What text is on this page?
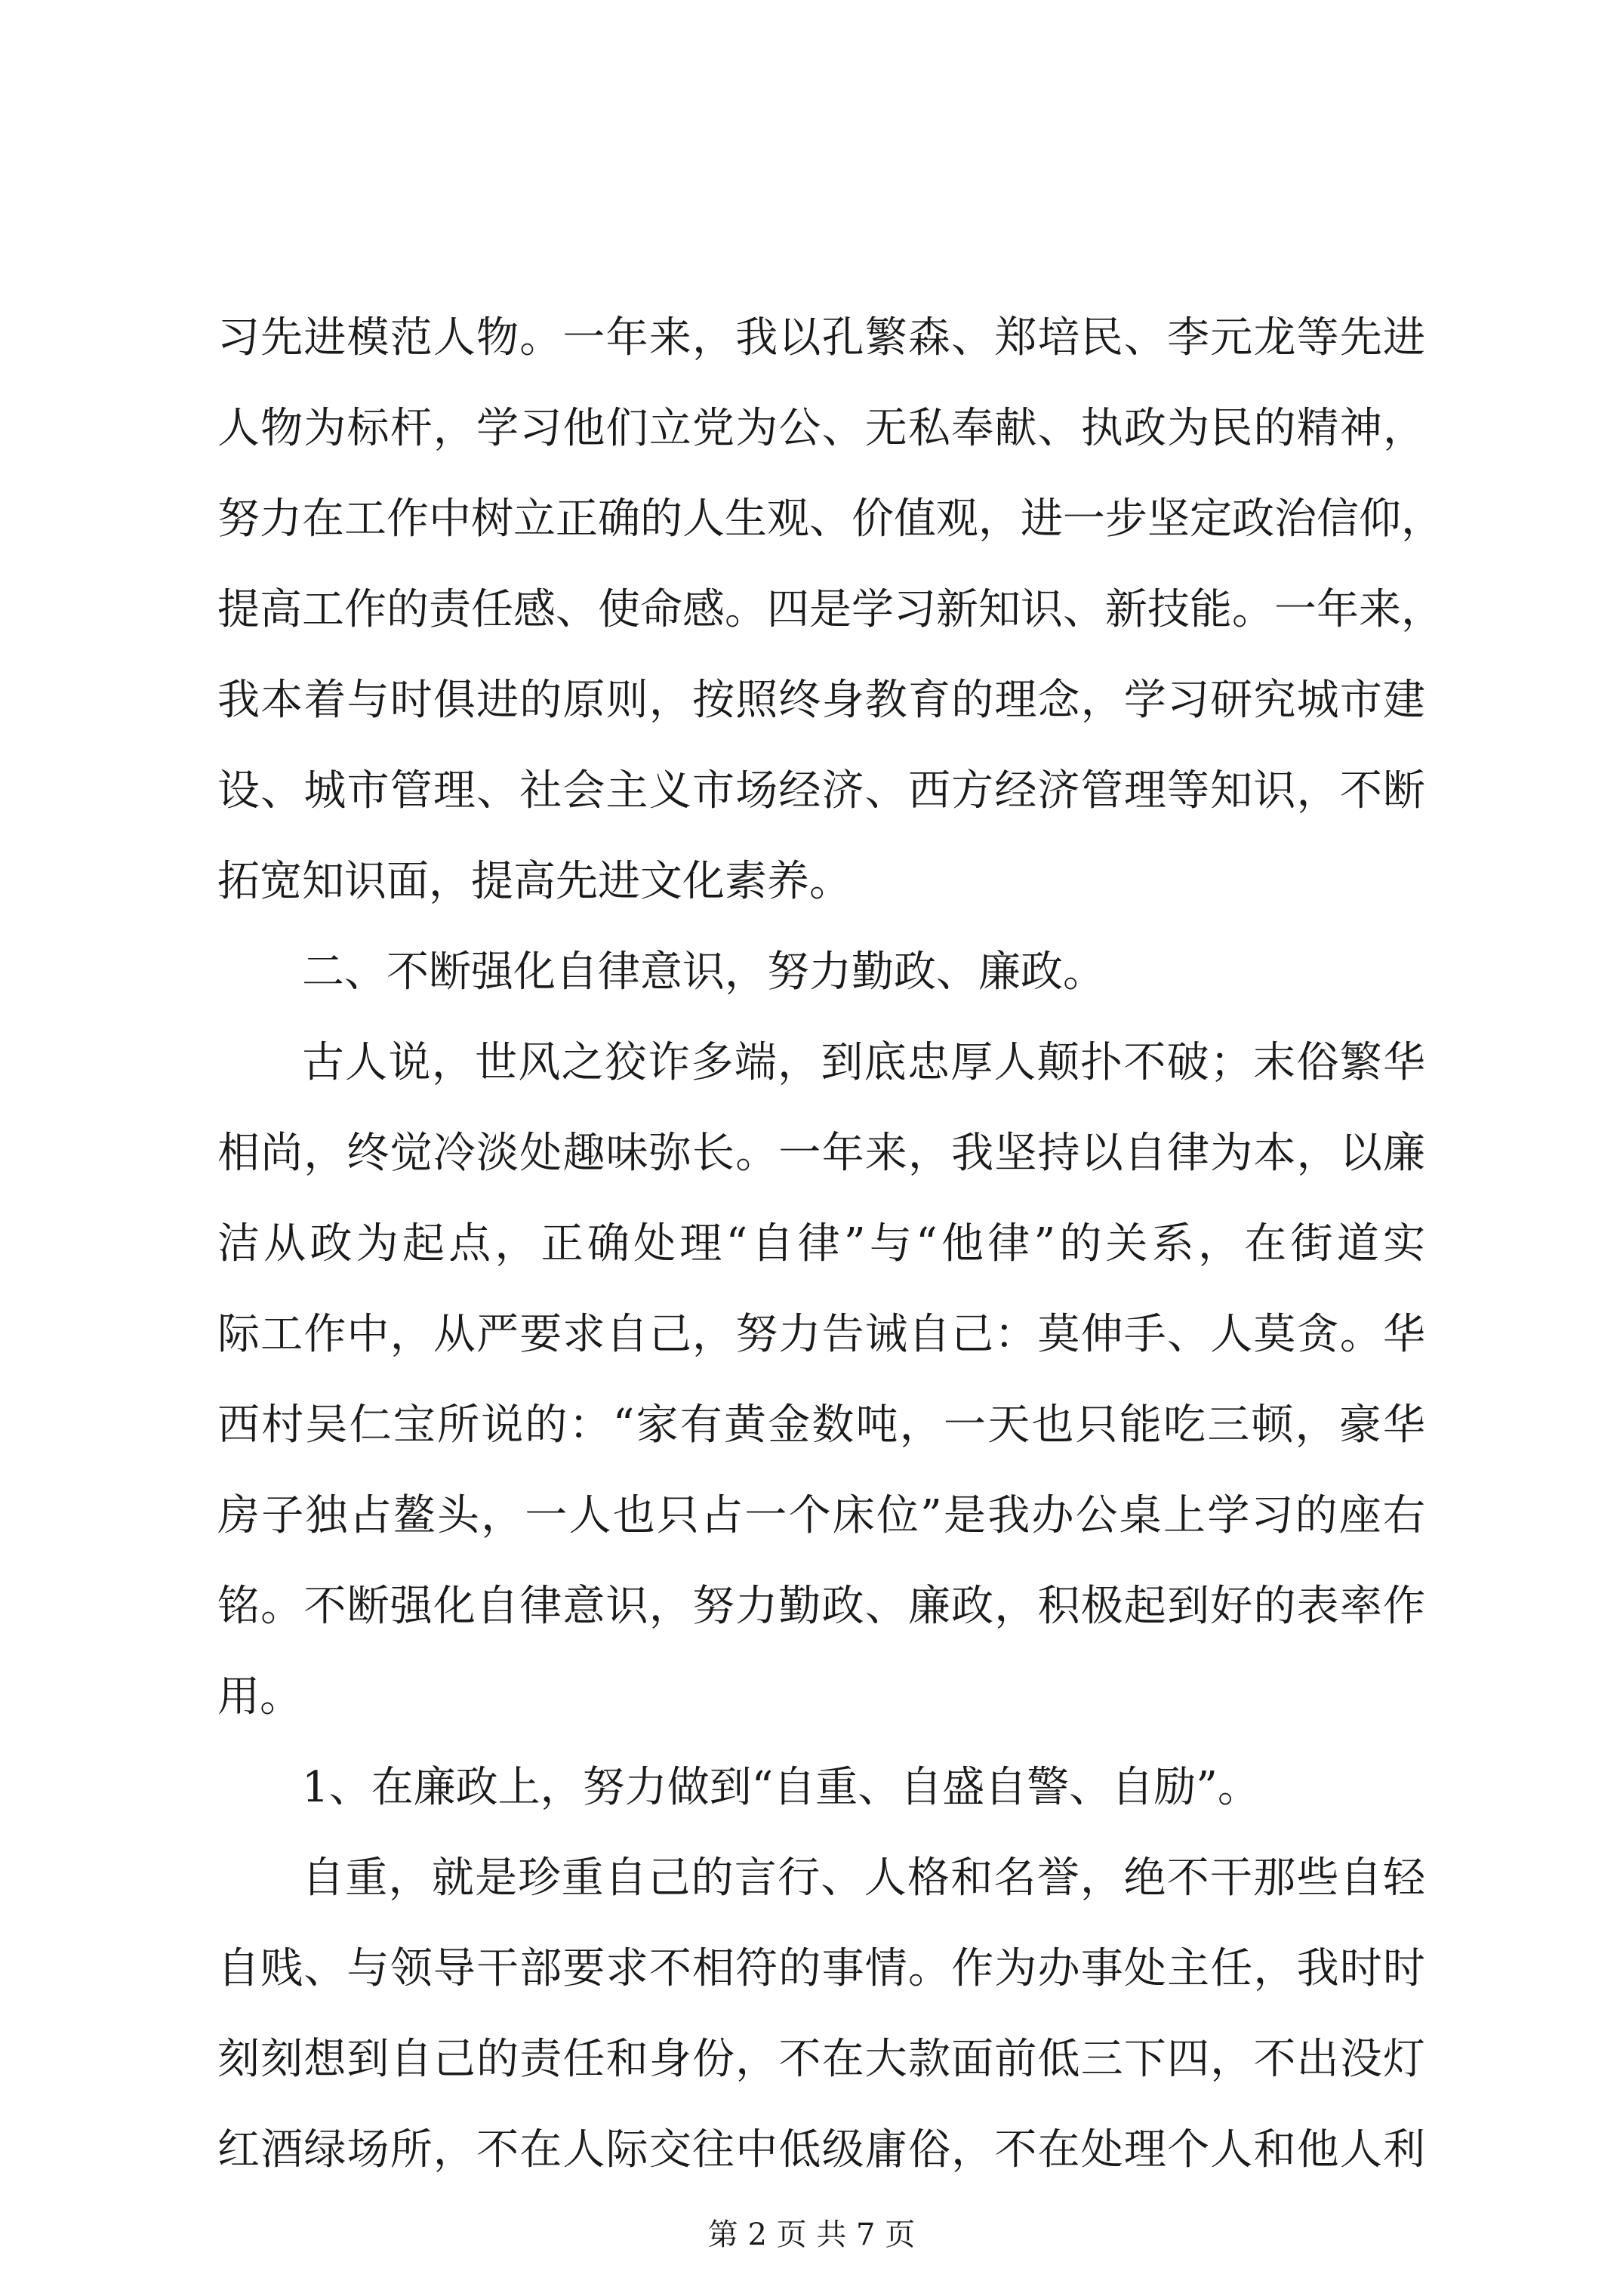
习先进模范人物。一年来，我以孔繁森、郑培民、李元龙等先进
人物为标杆，学习他们立党为公、无私奉献、执政为民的精神，
努力在工作中树立正确的人生观、价值观，进一步坚定政治信仰，
提高工作的责任感、使命感。四是学习新知识、新技能。一年来，
我本着与时俱进的原则，按照终身教育的理念，学习研究城市建
设、城市管理、社会主义市场经济、西方经济管理等知识，不断
拓宽知识面，提高先进文化素养。
二、不断强化自律意识，努力勤政、廉政。
古人说，世风之狡诈多端，到底忠厚人颠扑不破；末俗繁华
相尚，终觉冷淡处趣味弥长。一年来，我坚持以自律为本，以廉
洁从政为起点，正确处理“自律”与“他律”的关系，在街道实
际工作中，从严要求自己，努力告诫自己：莫伸手、人莫贪。华
西村吴仁宝所说的：“家有黄金数吨，一天也只能吃三顿，豪华
房子独占鳌头，一人也只占一个床位”是我办公桌上学习的座右
铭。不断强化自律意识，努力勤政、廉政，积极起到好的表率作
用。
1、在廉政上，努力做到“自重、自盛自警、自励”。
自重，就是珍重自己的言行、人格和名誉，绝不干那些自轻
自贱、与领导干部要求不相符的事情。作为办事处主任，我时时
刻刻想到自己的责任和身份，不在大款面前低三下四，不出没灯
红酒绿场所，不在人际交往中低级庸俗，不在处理个人和他人利
第 2 页 共 7 页
